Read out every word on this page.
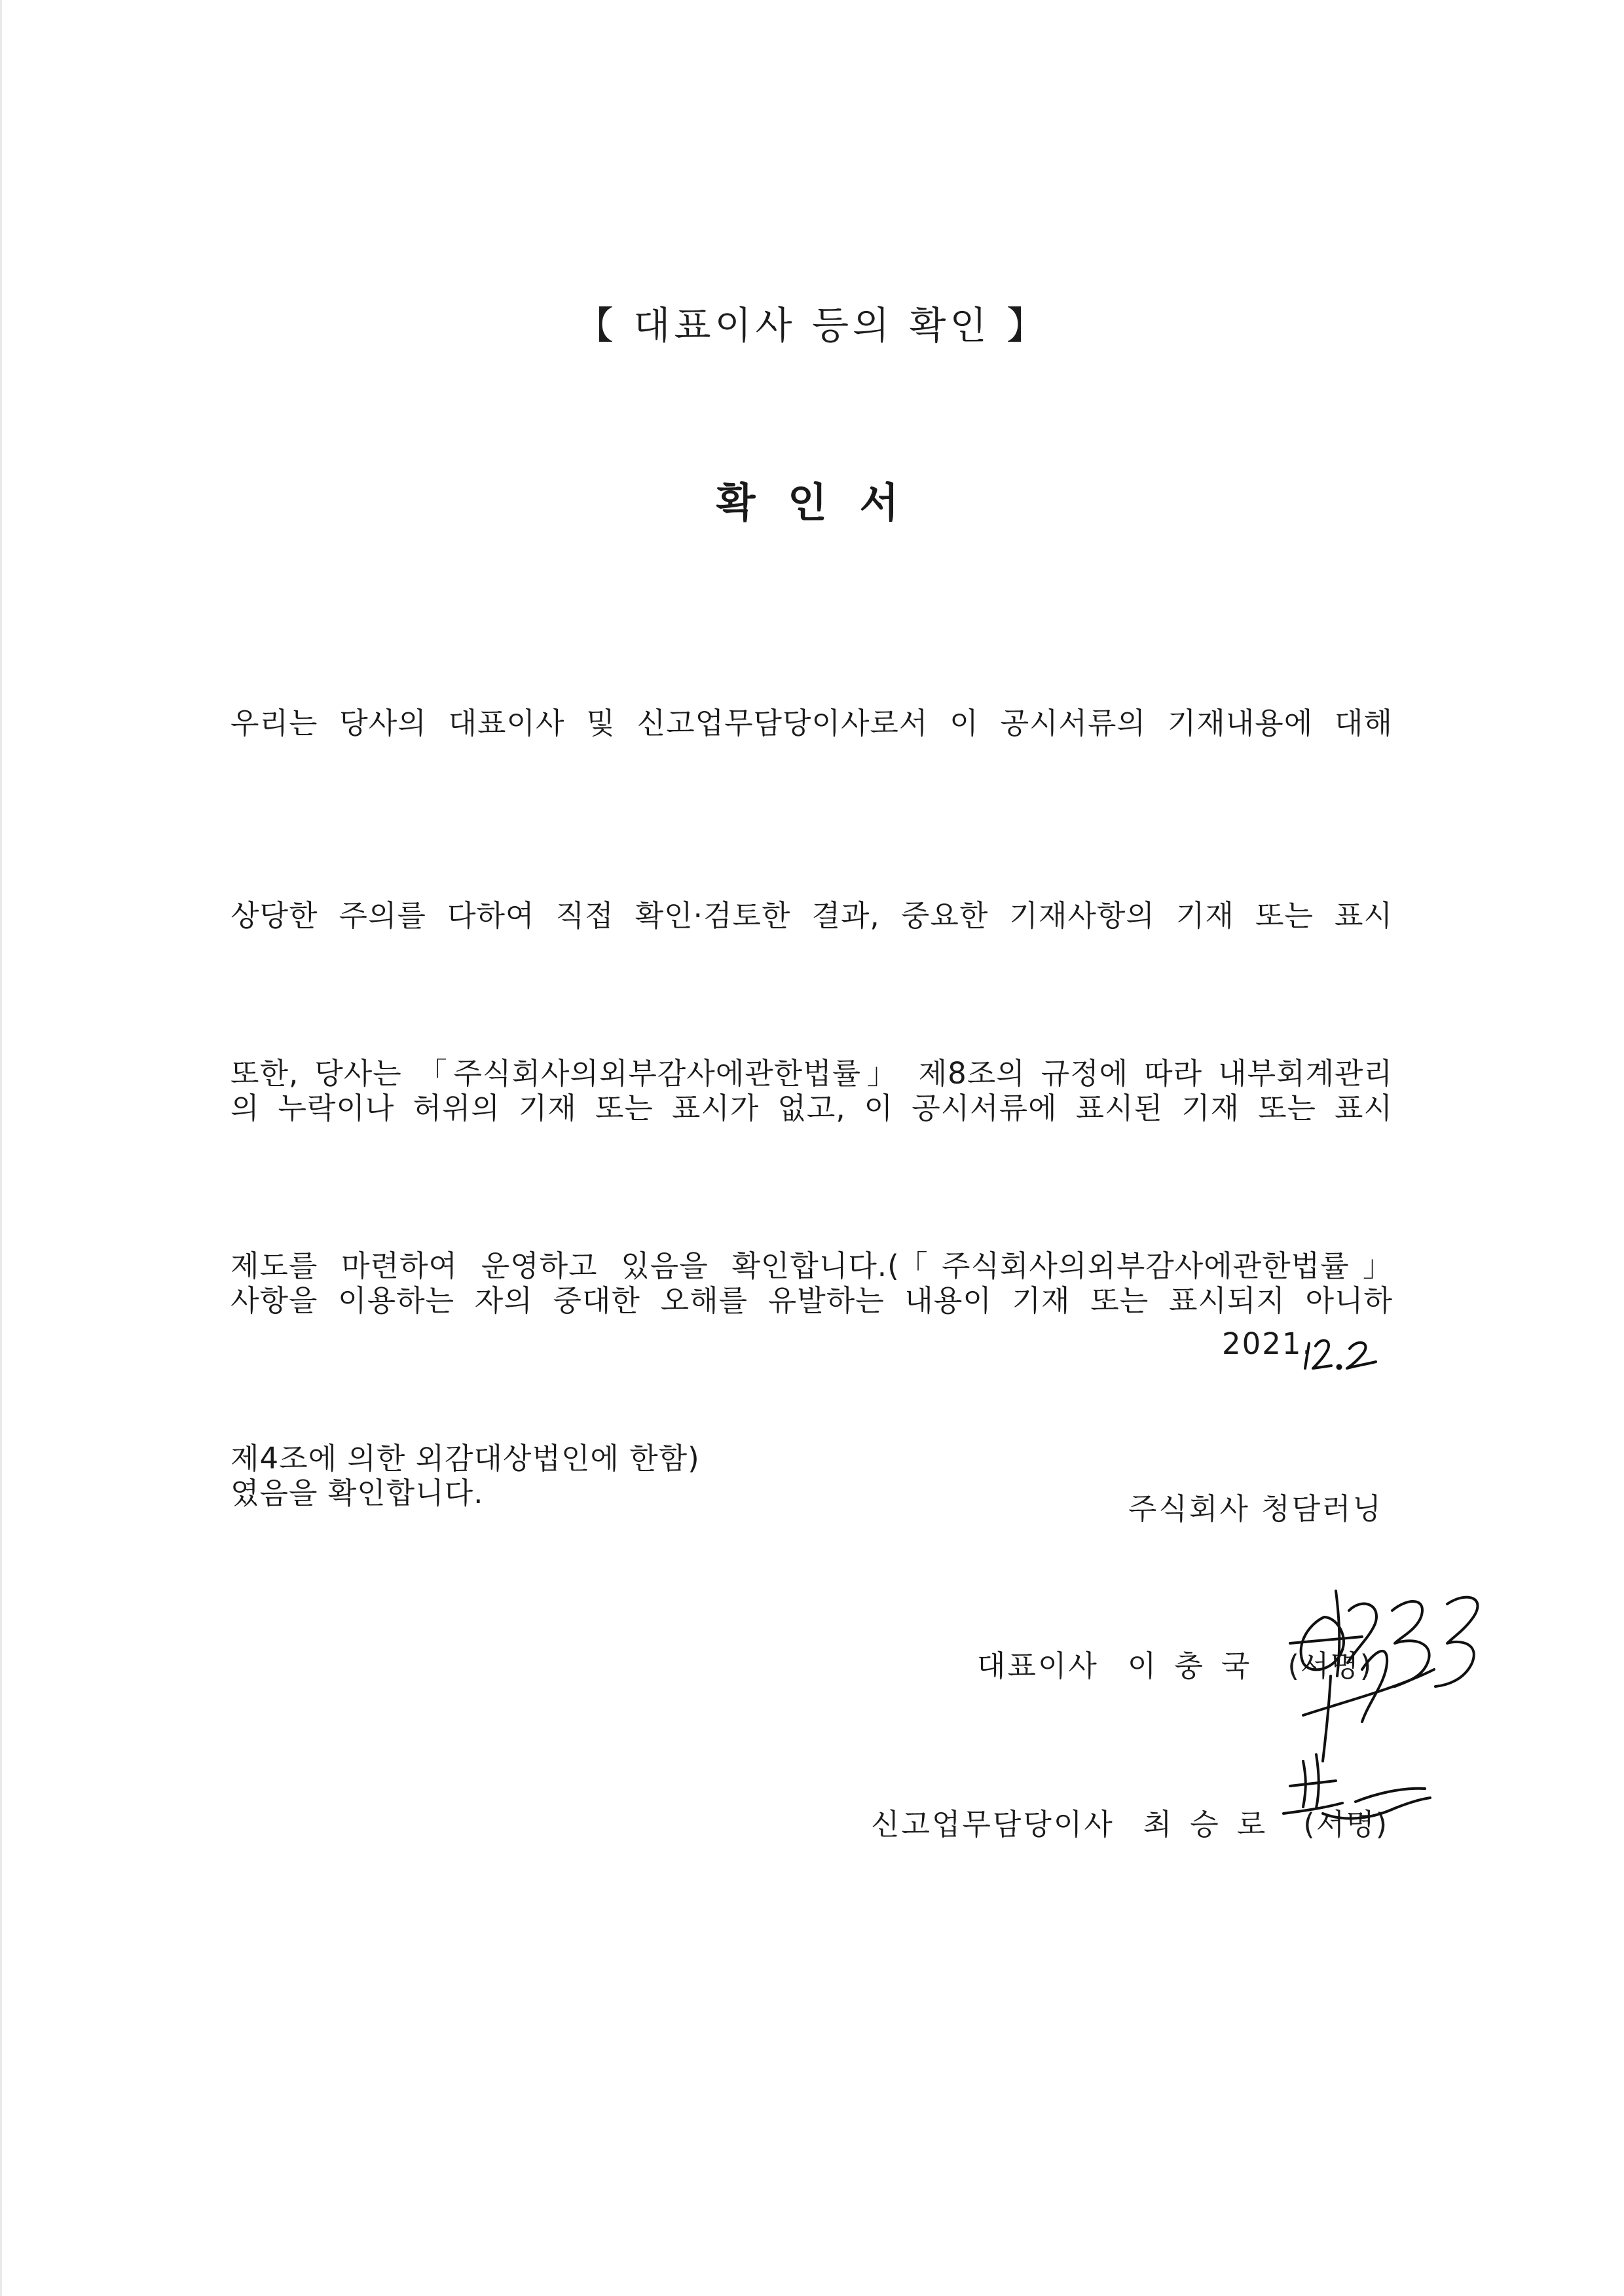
【 대표이사 등의 확인 】
확 인 서

우리는 당사의 대표이사 및 신고업무담당이사로서 이 공시서류의 기재내용에 대해

상당한 주의를 다하여 직접 확인·검토한 결과, 중요한 기재사항의 기재 또는 표시

의 누락이나 허위의 기재 또는 표시가 없고, 이 공시서류에 표시된 기재 또는 표시

사항을 이용하는 자의 중대한 오해를 유발하는 내용이 기재 또는 표시되지 아니하

였음을 확인합니다.

또한, 당사는 「주식회사의외부감사에관한법률」 제8조의 규정에 따라 내부회계관리

제도를 마련하여 운영하고 있음을 확인합니다.(「주식회사의외부감사에관한법률」

제4조에 의한 외감대상법인에 한함)

2021.
주식회사 청담러닝
대표이사 이충국 (서명)
신고업무담당이사 최승로 (서명)
